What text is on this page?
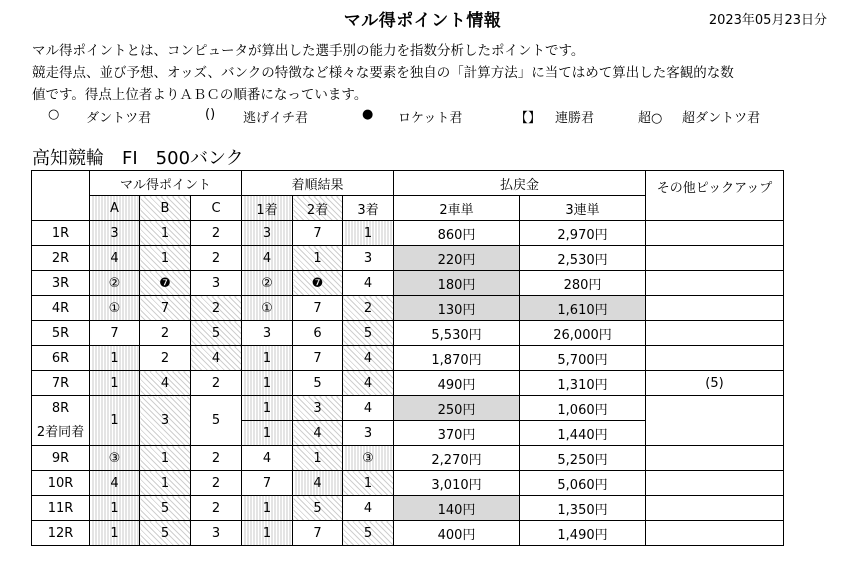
マル得ポイント情報	2023年05月23日分
マル得ポイントとは、コンピュータが算出した選手別の能力を指数分析したポイントです。
競走得点、並び予想、オッズ、バンクの特徴など様々な要素を独自の「計算方法」に当てはめて算出した客観的な数
値です。得点上位者よりＡＢＣの順番になっています。
○ ダントツ君	() 逃げイチ君	● ロケット君	【】 連勝君	超○ 超ダントツ君
高知競輪　FI　500バンク
	マル得ポイント			着順結果			払戻金		その他ピックアップ
	A	B	C	1着	2着	3着	2車単	3連単	
1R	3	1	2	3	7	1	860円	2,970円	
2R	4	1	2	4	1	3	220円	2,530円	
3R	②	❼	3	②	❼	4	180円	280円	
4R	①	7	2	①	7	2	130円	1,610円	
5R	7	2	5	3	6	5	5,530円	26,000円	
6R	1	2	4	1	7	4	1,870円	5,700円	
7R	1	4	2	1	5	4	490円	1,310円	(5)

8R
2着同着	1	3	5	1	3	4	250円	1,060円	
				1	4	3	370円	1,440円	
9R	③	1	2	4	1	③	2,270円	5,250円	
10R	4	1	2	7	4	1	3,010円	5,060円	
11R	1	5	2	1	5	4	140円	1,350円	
12R	1	5	3	1	7	5	400円	1,490円	
